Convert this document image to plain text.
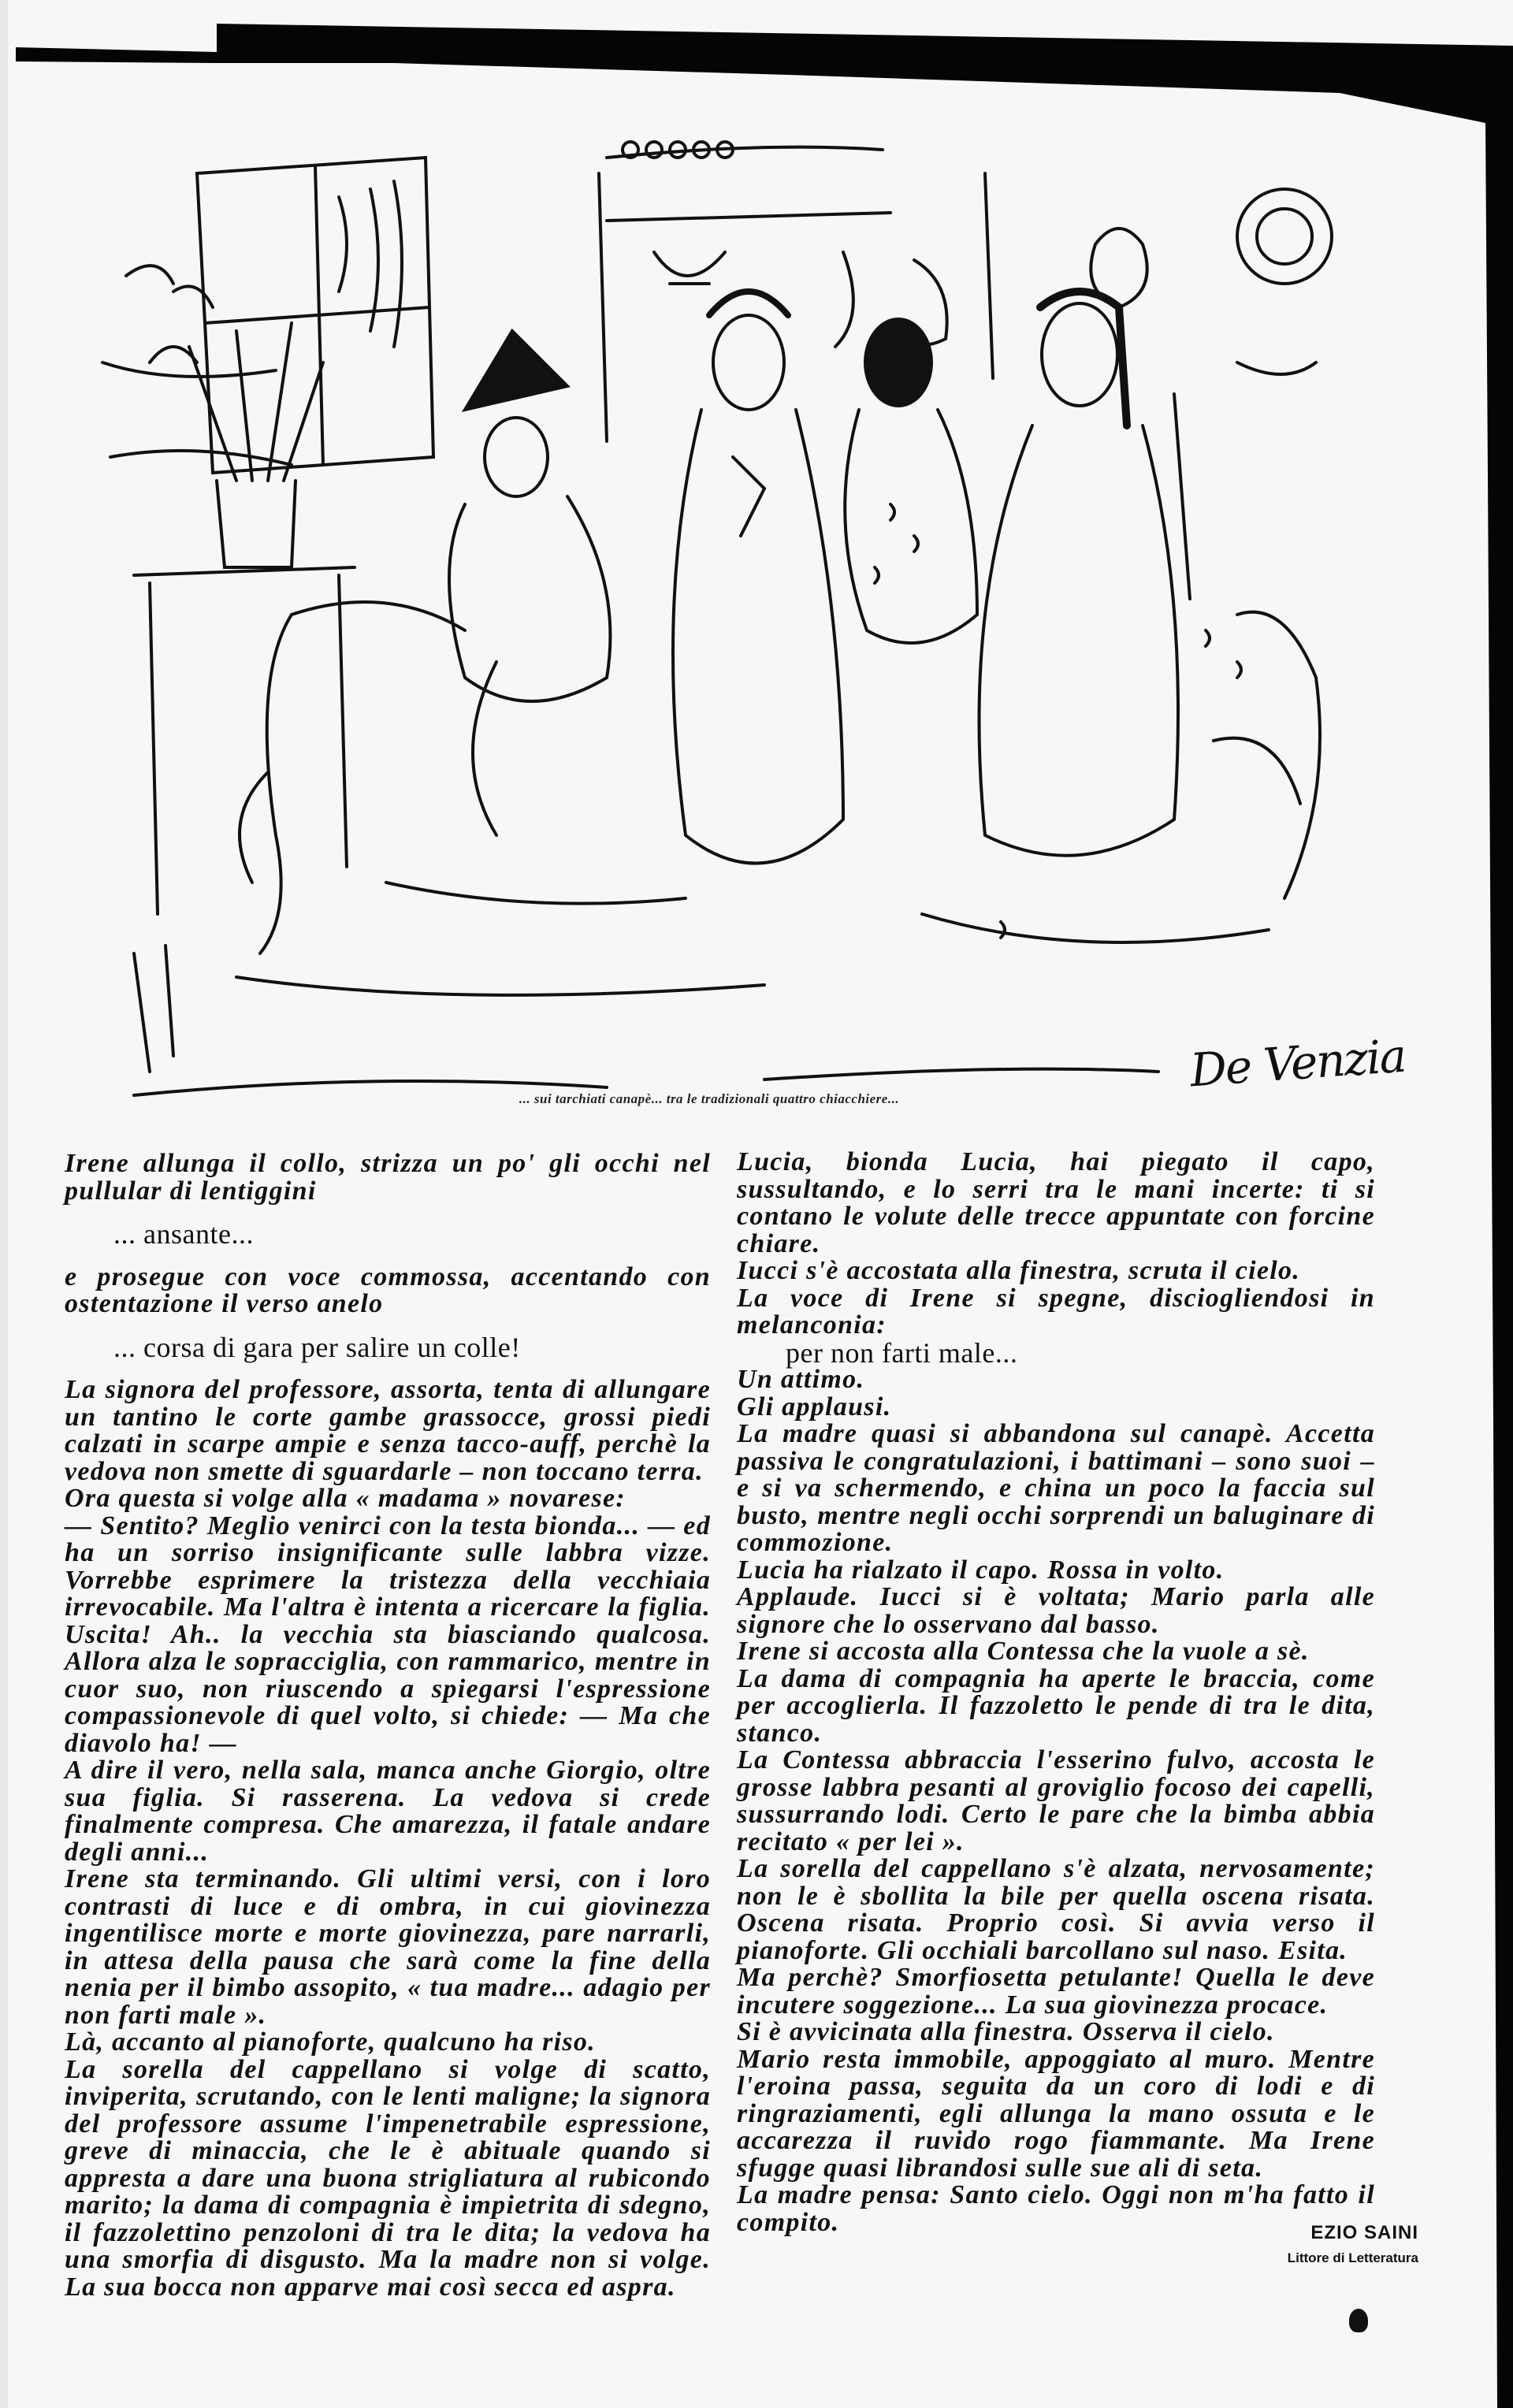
De Venzia
... sui tarchiati canapè... tra le tradizionali quattro chiacchiere...

Irene allunga il collo, strizza un po' gli occhi nel pullular di lentiggini

... ansante...

e prosegue con voce commossa, accentando con ostentazione il verso anelo

... corsa di gara per salire un colle!

La signora del professore, assorta, tenta di allungare un tantino le corte gambe grassocce, grossi piedi calzati in scarpe ampie e senza tacco-auff, perchè la vedova non smette di sguardarle – non toccano terra.

Ora questa si volge alla « madama » novarese:

— Sentito? Meglio venirci con la testa bionda... — ed ha un sorriso insignificante sulle labbra vizze. Vorrebbe esprimere la tristezza della vecchiaia irrevocabile. Ma l'altra è intenta a ricercare la figlia. Uscita! Ah.. la vecchia sta biasciando qualcosa. Allora alza le sopracciglia, con rammarico, mentre in cuor suo, non riuscendo a spiegarsi l'espressione compassionevole di quel volto, si chiede: — Ma che diavolo ha! —

A dire il vero, nella sala, manca anche Giorgio, oltre sua figlia. Si rasserena. La vedova si crede finalmente compresa. Che amarezza, il fatale andare degli anni...

Irene sta terminando. Gli ultimi versi, con i loro contrasti di luce e di ombra, in cui giovinezza ingentilisce morte e morte giovinezza, pare narrarli, in attesa della pausa che sarà come la fine della nenia per il bimbo assopito, « tua madre... adagio per non farti male ».

Là, accanto al pianoforte, qualcuno ha riso.

La sorella del cappellano si volge di scatto, inviperita, scrutando, con le lenti maligne; la signora del professore assume l'impenetrabile espressione, greve di minaccia, che le è abituale quando si appresta a dare una buona strigliatura al rubicondo marito; la dama di compagnia è impietrita di sdegno, il fazzolettino penzoloni di tra le dita; la vedova ha una smorfia di disgusto. Ma la madre non si volge. La sua bocca non apparve mai così secca ed aspra.

Lucia, bionda Lucia, hai piegato il capo, sussultando, e lo serri tra le mani incerte: ti si contano le volute delle trecce appuntate con forcine chiare.

Iucci s'è accostata alla finestra, scruta il cielo.

La voce di Irene si spegne, disciogliendosi in melanconia:

per non farti male...

Un attimo.

Gli applausi.

La madre quasi si abbandona sul canapè. Accetta passiva le congratulazioni, i battimani – sono suoi – e si va schermendo, e china un poco la faccia sul busto, mentre negli occhi sorprendi un baluginare di commozione.

Lucia ha rialzato il capo. Rossa in volto.

Applaude. Iucci si è voltata; Mario parla alle signore che lo osservano dal basso.

Irene si accosta alla Contessa che la vuole a sè.

La dama di compagnia ha aperte le braccia, come per accoglierla. Il fazzoletto le pende di tra le dita, stanco.

La Contessa abbraccia l'esserino fulvo, accosta le grosse labbra pesanti al groviglio focoso dei capelli, sussurrando lodi. Certo le pare che la bimba abbia recitato « per lei ».

La sorella del cappellano s'è alzata, nervosamente; non le è sbollita la bile per quella oscena risata. Oscena risata. Proprio così. Si avvia verso il pianoforte. Gli occhiali barcollano sul naso. Esita.

Ma perchè? Smorfiosetta petulante! Quella le deve incutere soggezione... La sua giovinezza procace.

Si è avvicinata alla finestra. Osserva il cielo.

Mario resta immobile, appoggiato al muro. Mentre l'eroina passa, seguita da un coro di lodi e di ringraziamenti, egli allunga la mano ossuta e le accarezza il ruvido rogo fiammante. Ma Irene sfugge quasi librandosi sulle sue ali di seta.

La madre pensa: Santo cielo. Oggi non m'ha fatto il compito.	EZIO SAINI
Littore di Letteratura
